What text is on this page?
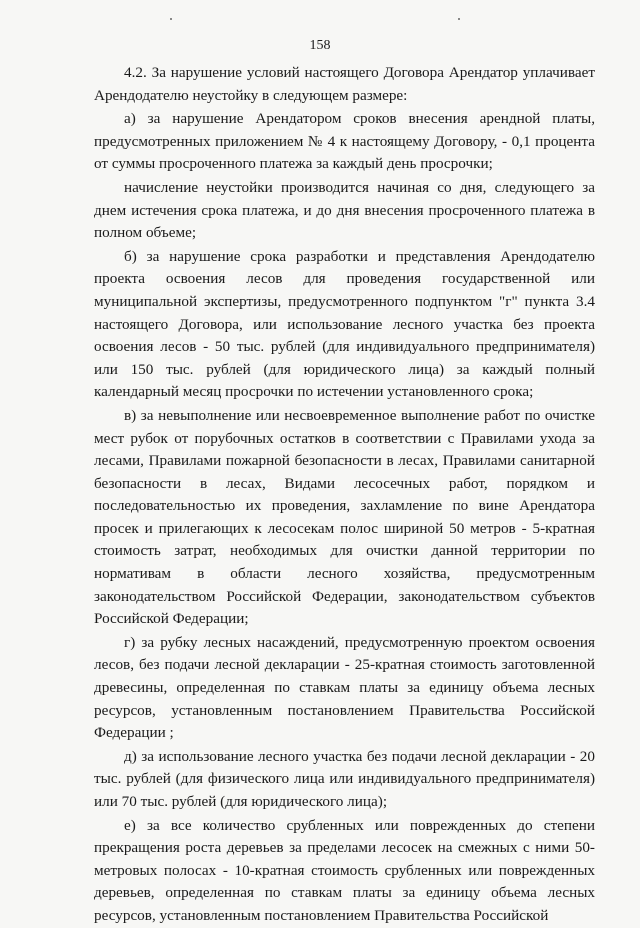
158

4.2. За нарушение условий настоящего Договора Арендатор уплачивает Арендодателю неустойку в следующем размере:

а) за нарушение Арендатором сроков внесения арендной платы, предусмотренных приложением № 4 к настоящему Договору, - 0,1 процента от суммы просроченного платежа за каждый день просрочки;

начисление неустойки производится начиная со дня, следующего за днем истечения срока платежа, и до дня внесения просроченного платежа в полном объеме;

б) за нарушение срока разработки и представления Арендодателю проекта освоения лесов для проведения государственной или муниципальной экспертизы, предусмотренного подпунктом "г" пункта 3.4 настоящего Договора, или использование лесного участка без проекта освоения лесов - 50 тыс. рублей (для индивидуального предпринимателя) или 150 тыс. рублей (для юридического лица) за каждый полный календарный месяц просрочки по истечении установленного срока;

в) за невыполнение или несвоевременное выполнение работ по очистке мест рубок от порубочных остатков в соответствии с Правилами ухода за лесами, Правилами пожарной безопасности в лесах, Правилами санитарной безопасности в лесах, Видами лесосечных работ, порядком и последовательностью их проведения, захламление по вине Арендатора просек и прилегающих к лесосекам полос шириной 50 метров - 5-кратная стоимость затрат, необходимых для очистки данной территории по нормативам в области лесного хозяйства, предусмотренным законодательством Российской Федерации, законодательством субъектов Российской Федерации;

г) за рубку лесных насаждений, предусмотренную проектом освоения лесов, без подачи лесной декларации - 25-кратная стоимость заготовленной древесины, определенная по ставкам платы за единицу объема лесных ресурсов, установленным постановлением Правительства Российской Федерации ;

д) за использование лесного участка без подачи лесной декларации - 20 тыс. рублей (для физического лица или индивидуального предпринимателя) или 70 тыс. рублей (для юридического лица);

е) за все количество срубленных или поврежденных до степени прекращения роста деревьев за пределами лесосек на смежных с ними 50-метровых полосах - 10-кратная стоимость срубленных или поврежденных деревьев, определенная по ставкам платы за единицу объема лесных ресурсов, установленным постановлением Правительства Российской
